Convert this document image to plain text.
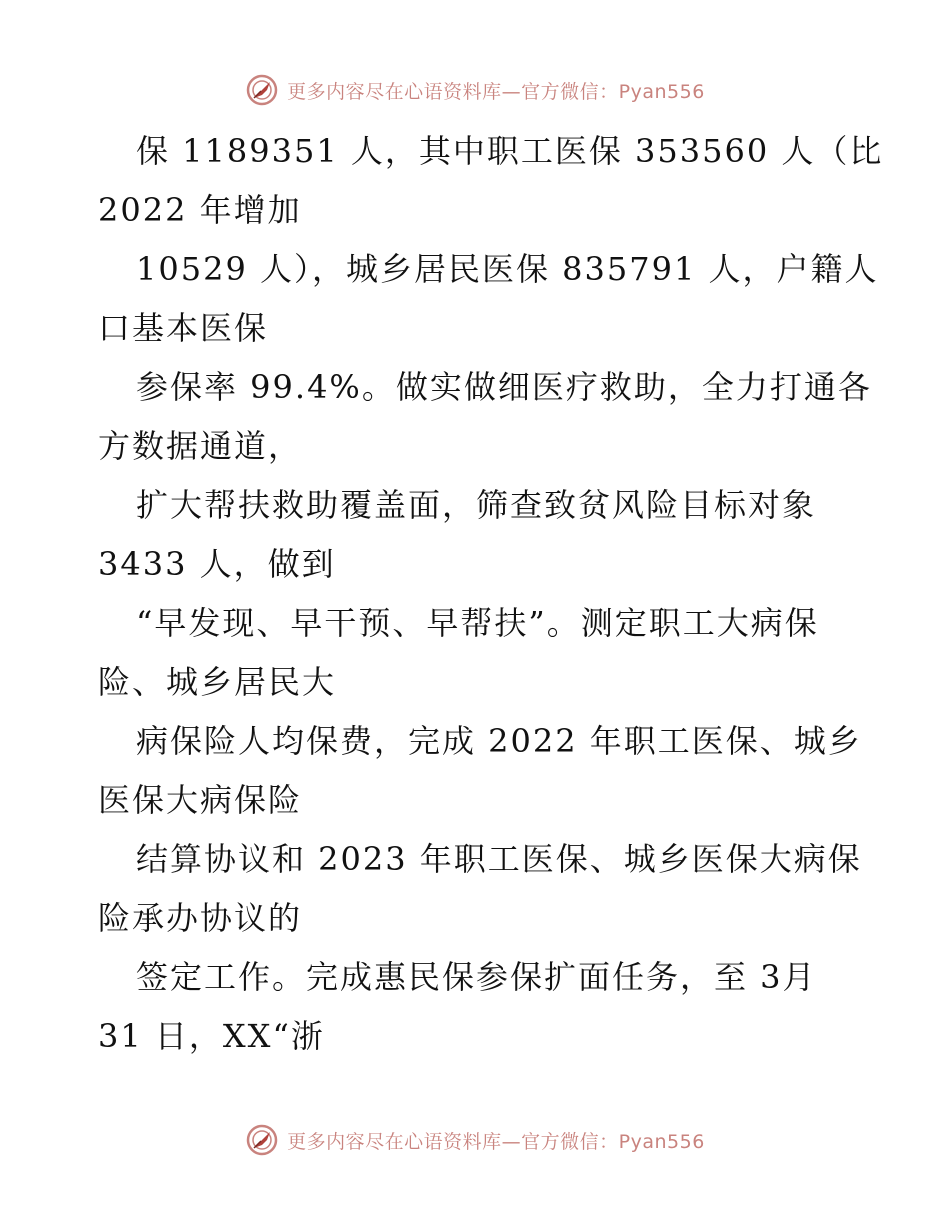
更多内容尽在心语资料库—官方微信：Pyan556
保 1189351 人，其中职工医保 353560 人（比
2022 年增加
10529 人），城乡居民医保 835791 人，户籍人
口基本医保
参保率 99.4%。做实做细医疗救助，全力打通各
方数据通道，
扩大帮扶救助覆盖面，筛查致贫风险目标对象
3433 人，做到
“早发现、早干预、早帮扶”。测定职工大病保
险、城乡居民大
病保险人均保费，完成 2022 年职工医保、城乡
医保大病保险
结算协议和 2023 年职工医保、城乡医保大病保
险承办协议的
签定工作。完成惠民保参保扩面任务，至 3月
31 日，XX“浙
更多内容尽在心语资料库—官方微信：Pyan556
